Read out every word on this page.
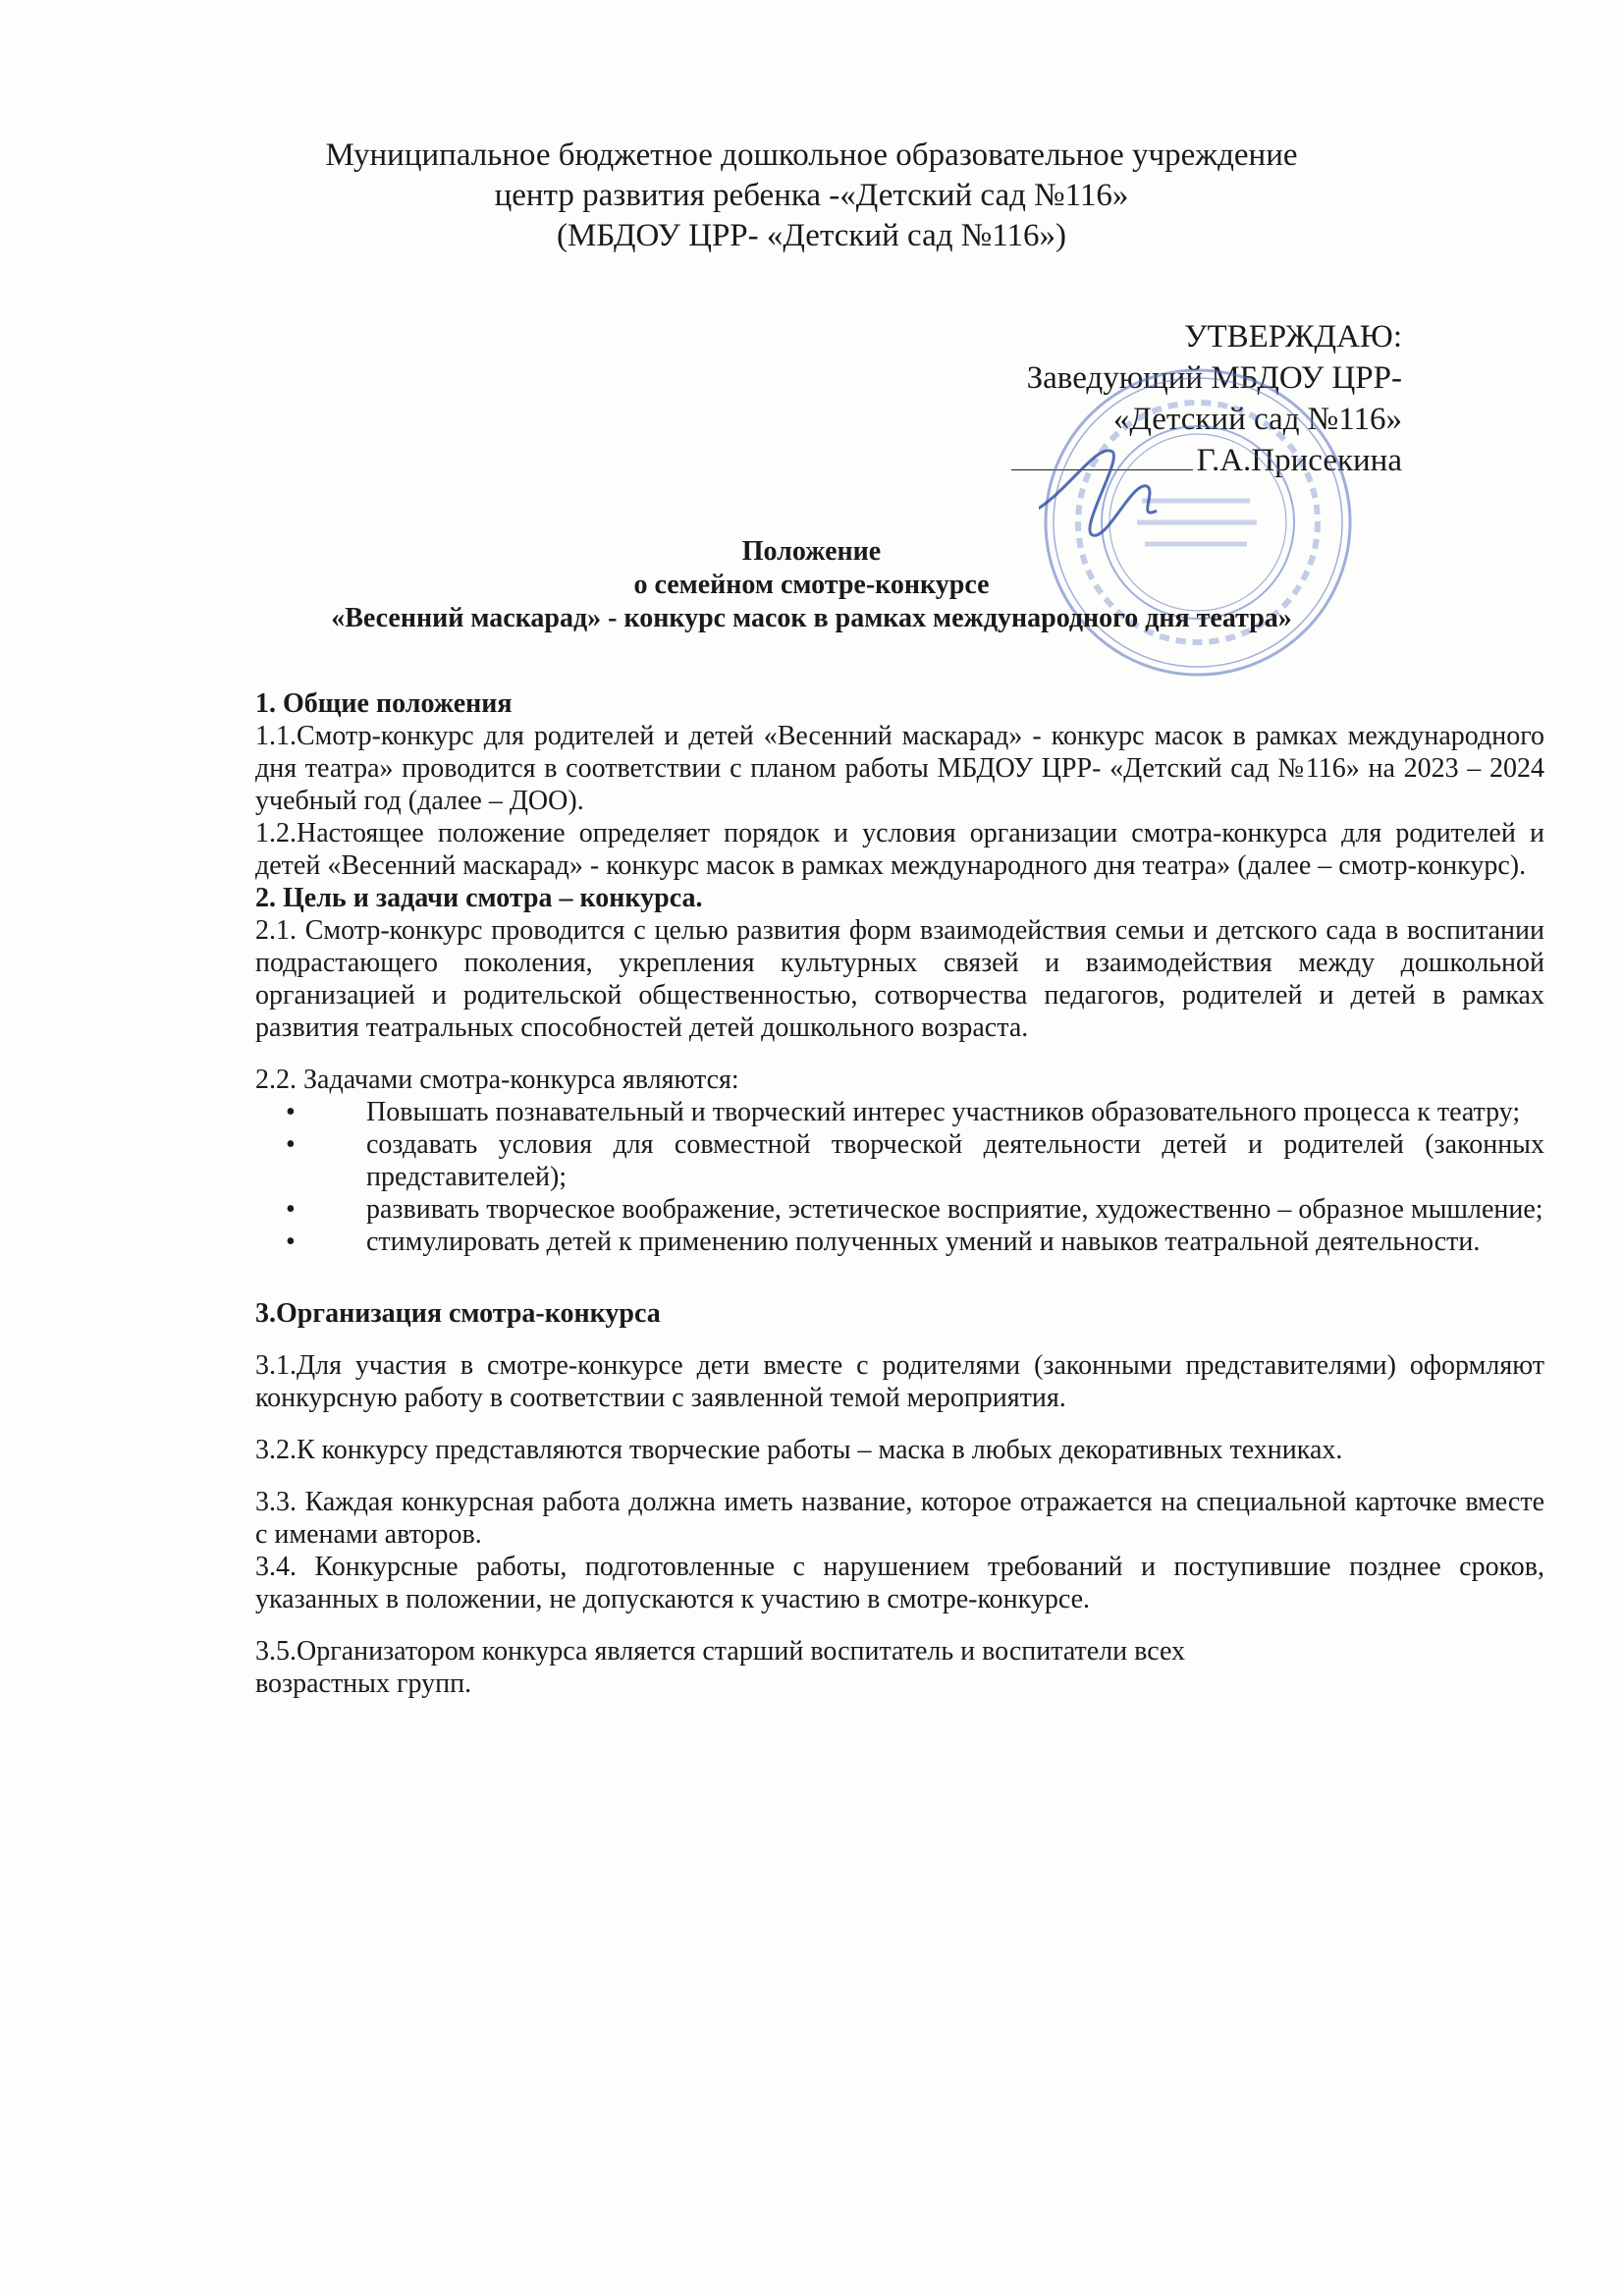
Муниципальное бюджетное дошкольное образовательное учреждение
центр развития ребенка -«Детский сад №116»
(МБДОУ ЦРР- «Детский сад №116»)
УТВЕРЖДАЮ:
Заведующий МБДОУ ЦРР-
«Детский сад №116»
Г.А.Присекина
Положение
о семейном смотре-конкурсе
«Весенний маскарад» - конкурс масок в рамках международного дня театра»
1. Общие положения

1.1.Смотр-конкурс для родителей и детей «Весенний маскарад» - конкурс масок в рамках международного дня театра» проводится в соответствии с планом работы МБДОУ ЦРР- «Детский сад №116» на 2023 – 2024 учебный год (далее – ДОО).

1.2.Настоящее положение определяет порядок и условия организации смотра-конкурса для родителей и детей «Весенний маскарад» - конкурс масок в рамках международного дня театра» (далее – смотр-конкурс).

2. Цель и задачи смотра – конкурса.

2.1. Смотр-конкурс проводится с целью развития форм взаимодействия семьи и детского сада в воспитании подрастающего поколения, укрепления культурных связей и взаимодействия между дошкольной организацией и родительской общественностью, сотворчества педагогов, родителей и детей в рамках развития театральных способностей детей дошкольного возраста.

2.2. Задачами смотра-конкурса являются:

• Повышать познавательный и творческий интерес участников образовательного процесса к театру;
• создавать условия для совместной творческой деятельности детей и родителей (законных представителей);
• развивать творческое воображение, эстетическое восприятие, художественно – образное мышление;
• стимулировать детей к применению полученных умений и навыков театральной деятельности.
3.Организация смотра-конкурса

3.1.Для участия в смотре-конкурсе дети вместе с родителями (законными представителями) оформляют конкурсную работу в соответствии с заявленной темой мероприятия.

3.2.К конкурсу представляются творческие работы – маска в любых декоративных техниках.

3.3. Каждая конкурсная работа должна иметь название, которое отражается на специальной карточке вместе с именами авторов.

3.4. Конкурсные работы, подготовленные с нарушением требований и поступившие позднее сроков, указанных в положении, не допускаются к участию в смотре-конкурсе.

3.5.Организатором конкурса является старший воспитатель и воспитатели всех
возрастных групп.
